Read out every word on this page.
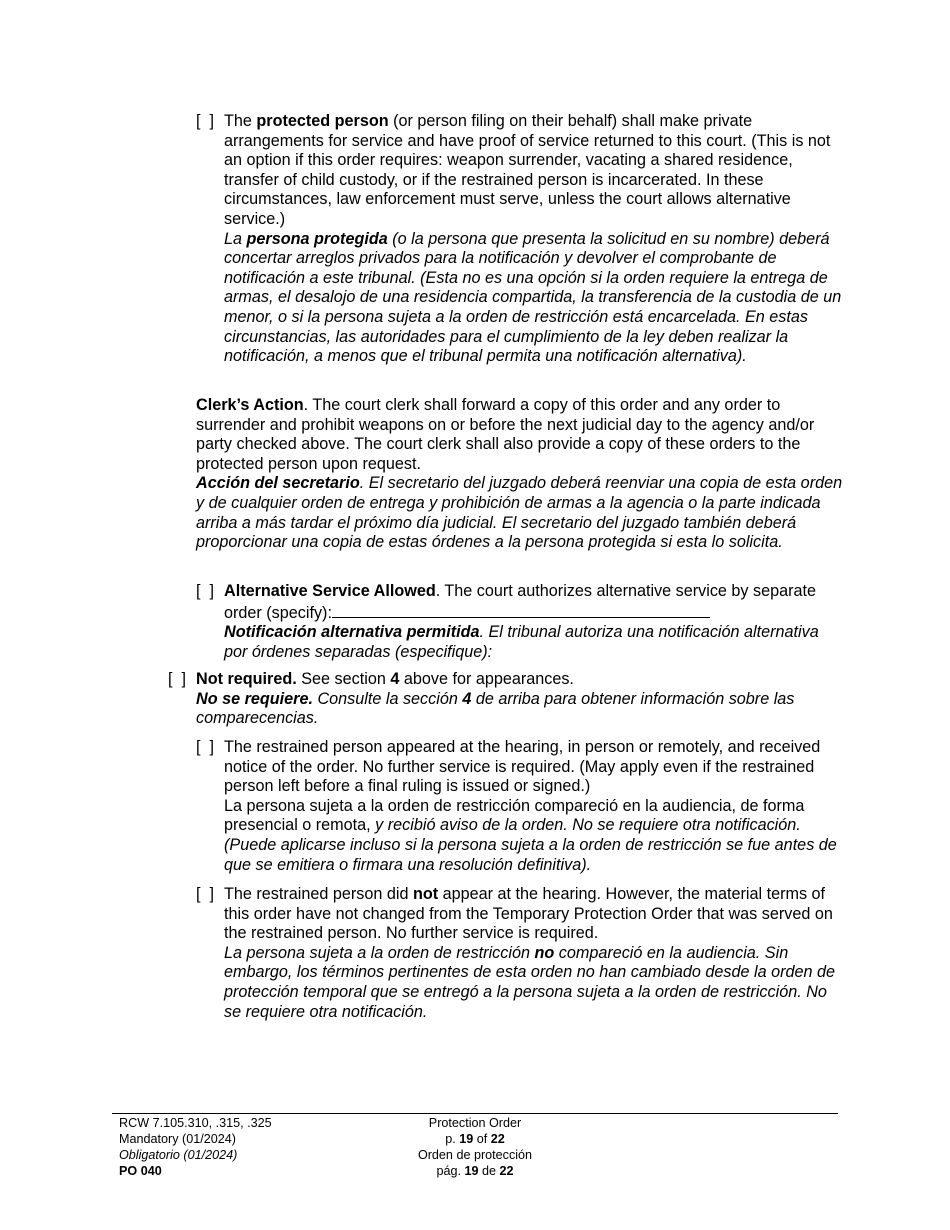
[  ] The protected person (or person filing on their behalf) shall make private arrangements for service and have proof of service returned to this court. (This is not an option if this order requires: weapon surrender, vacating a shared residence, transfer of child custody, or if the restrained person is incarcerated. In these circumstances, law enforcement must serve, unless the court allows alternative service.)

La persona protegida (o la persona que presenta la solicitud en su nombre) deberá concertar arreglos privados para la notificación y devolver el comprobante de notificación a este tribunal. (Esta no es una opción si la orden requiere la entrega de armas, el desalojo de una residencia compartida, la transferencia de la custodia de un menor, o si la persona sujeta a la orden de restricción está encarcelada. En estas circunstancias, las autoridades para el cumplimiento de la ley deben realizar la notificación, a menos que el tribunal permita una notificación alternativa).

Clerk’s Action. The court clerk shall forward a copy of this order and any order to surrender and prohibit weapons on or before the next judicial day to the agency and/or party checked above. The court clerk shall also provide a copy of these orders to the protected person upon request.

Acción del secretario. El secretario del juzgado deberá reenviar una copia de esta orden y de cualquier orden de entrega y prohibición de armas a la agencia o la parte indicada arriba a más tardar el próximo día judicial. El secretario del juzgado también deberá proporcionar una copia de estas órdenes a la persona protegida si esta lo solicita.

[  ] Alternative Service Allowed. The court authorizes alternative service by separate order (specify):

Notificación alternativa permitida. El tribunal autoriza una notificación alternativa por órdenes separadas (especifique):

[  ] Not required. See section 4 above for appearances.

No se requiere. Consulte la sección 4 de arriba para obtener información sobre las comparecencias.

[  ] The restrained person appeared at the hearing, in person or remotely, and received notice of the order. No further service is required. (May apply even if the restrained person left before a final ruling is issued or signed.)

La persona sujeta a la orden de restricción compareció en la audiencia, de forma presencial o remota, y recibió aviso de la orden. No se requiere otra notificación. (Puede aplicarse incluso si la persona sujeta a la orden de restricción se fue antes de que se emitiera o firmara una resolución definitiva).

[  ] The restrained person did not appear at the hearing. However, the material terms of this order have not changed from the Temporary Protection Order that was served on the restrained person. No further service is required.

La persona sujeta a la orden de restricción no compareció en la audiencia. Sin embargo, los términos pertinentes de esta orden no han cambiado desde la orden de protección temporal que se entregó a la persona sujeta a la orden de restricción. No se requiere otra notificación.

RCW 7.105.310, .315, .325
Mandatory (01/2024)
Obligatorio (01/2024)
PO 040
Protection Order
p. 19 of 22
Orden de protección
pág. 19 de 22
